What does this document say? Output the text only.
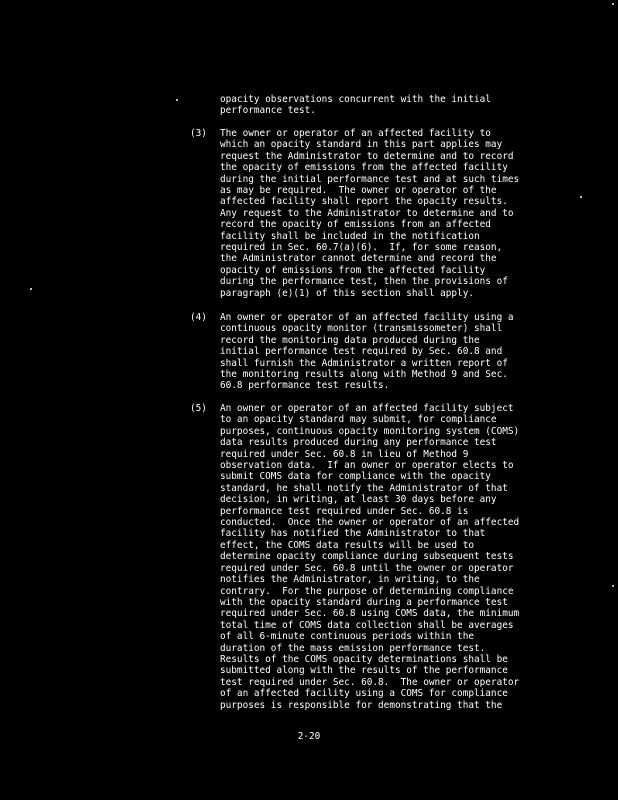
opacity observations concurrent with the initial
performance test.
(3)	The owner or operator of an affected facility to
which an opacity standard in this part applies may
request the Administrator to determine and to record
the opacity of emissions from the affected facility
during the initial performance test and at such times
as may be required.  The owner or operator of the
affected facility shall report the opacity results.
Any request to the Administrator to determine and to
record the opacity of emissions from an affected
facility shall be included in the notification
required in Sec. 60.7(a)(6).  If, for some reason,
the Administrator cannot determine and record the
opacity of emissions from the affected facility
during the performance test, then the provisions of
paragraph (e)(1) of this section shall apply.
(4)	An owner or operator of an affected facility using a
continuous opacity monitor (transmissometer) shall
record the monitoring data produced during the
initial performance test required by Sec. 60.8 and
shall furnish the Administrator a written report of
the monitoring results along with Method 9 and Sec.
60.8 performance test results.
(5)	An owner or operator of an affected facility subject
to an opacity standard may submit, for compliance
purposes, continuous opacity monitoring system (COMS)
data results produced during any performance test
required under Sec. 60.8 in lieu of Method 9
observation data.  If an owner or operator elects to
submit COMS data for compliance with the opacity
standard, he shall notify the Administrator of that
decision, in writing, at least 30 days before any
performance test required under Sec. 60.8 is
conducted.  Once the owner or operator of an affected
facility has notified the Administrator to that
effect, the COMS data results will be used to
determine opacity compliance during subsequent tests
required under Sec. 60.8 until the owner or operator
notifies the Administrator, in writing, to the
contrary.  For the purpose of determining compliance
with the opacity standard during a performance test
required under Sec. 60.8 using COMS data, the minimum
total time of COMS data collection shall be averages
of all 6-minute continuous periods within the
duration of the mass emission performance test.
Results of the COMS opacity determinations shall be
submitted along with the results of the performance
test required under Sec. 60.8.  The owner or operator
of an affected facility using a COMS for compliance
purposes is responsible for demonstrating that the
2-20
